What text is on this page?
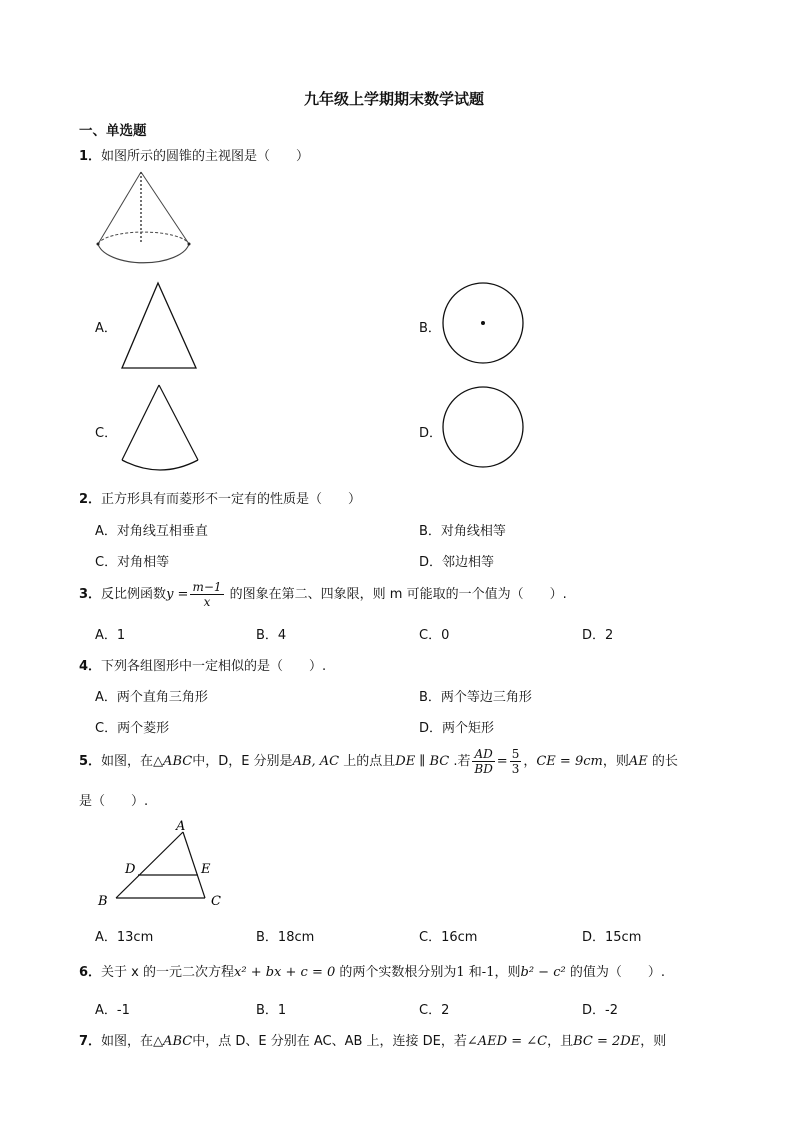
九年级上学期期末数学试题
一、单选题
1．如图所示的圆锥的主视图是（　　）
A．	B．
C．	D．
2．正方形具有而菱形不一定有的性质是（　　）
A．对角线互相垂直	B．对角线相等
C．对角相等	D．邻边相等
3．反比例函数$y = \frac{m-1}{x}$ 的图象在第二、四象限，则 m 可能取的一个值为（　　）.
A．1	B．4	C．0	D．2
4．下列各组图形中一定相似的是（　　）.
A．两个直角三角形	B．两个等边三角形
C．两个菱形	D．两个矩形
5．如图，在△ABC中，D，E 分别是AB, AC 上的点且DE ∥ BC .若 $\frac{AD}{BD} = \frac{5}{3}$ ，CE = 9cm，则AE 的长
是（　　）.
A
B	C
D	E
A．13cm	B．18cm	C．16cm	D．15cm
6．关于 x 的一元二次方程x² + bx + c = 0 的两个实数根分别为1 和-1，则b² − c² 的值为（　　）.
A．-1	B．1	C．2	D．-2
7．如图，在△ABC中，点 D、E 分别在 AC、AB 上，连接 DE，若∠AED = ∠C，且BC = 2DE，则
